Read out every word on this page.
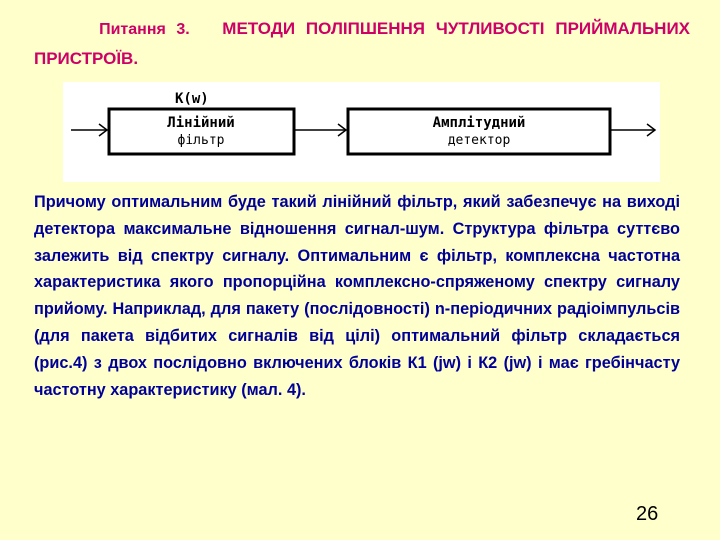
Питання 3. МЕТОДИ ПОЛІПШЕННЯ ЧУТЛИВОСТІ ПРИЙМАЛЬНИХ ПРИСТРОЇВ.
K(w)
Лінійний
фільтр
Амплітудний
детектор
Причому оптимальним буде такий лінійний фільтр, який забезпечує на виході детектора максимальне відношення сигнал-шум. Структура фільтра суттєво залежить від спектру сигналу. Оптимальним є фільтр, комплексна частотна характеристика якого пропорційна комплексно-спряженому спектру сигналу прийому. Наприклад, для пакету (послідовності) n-періодичних радіоімпульсів (для пакета відбитих сигналів від цілі) оптимальний фільтр складається (рис.4) з двох послідовно включених блоків К1 (jw) і К2 (jw) і має гребінчасту частотну характеристику (мал. 4).
26
